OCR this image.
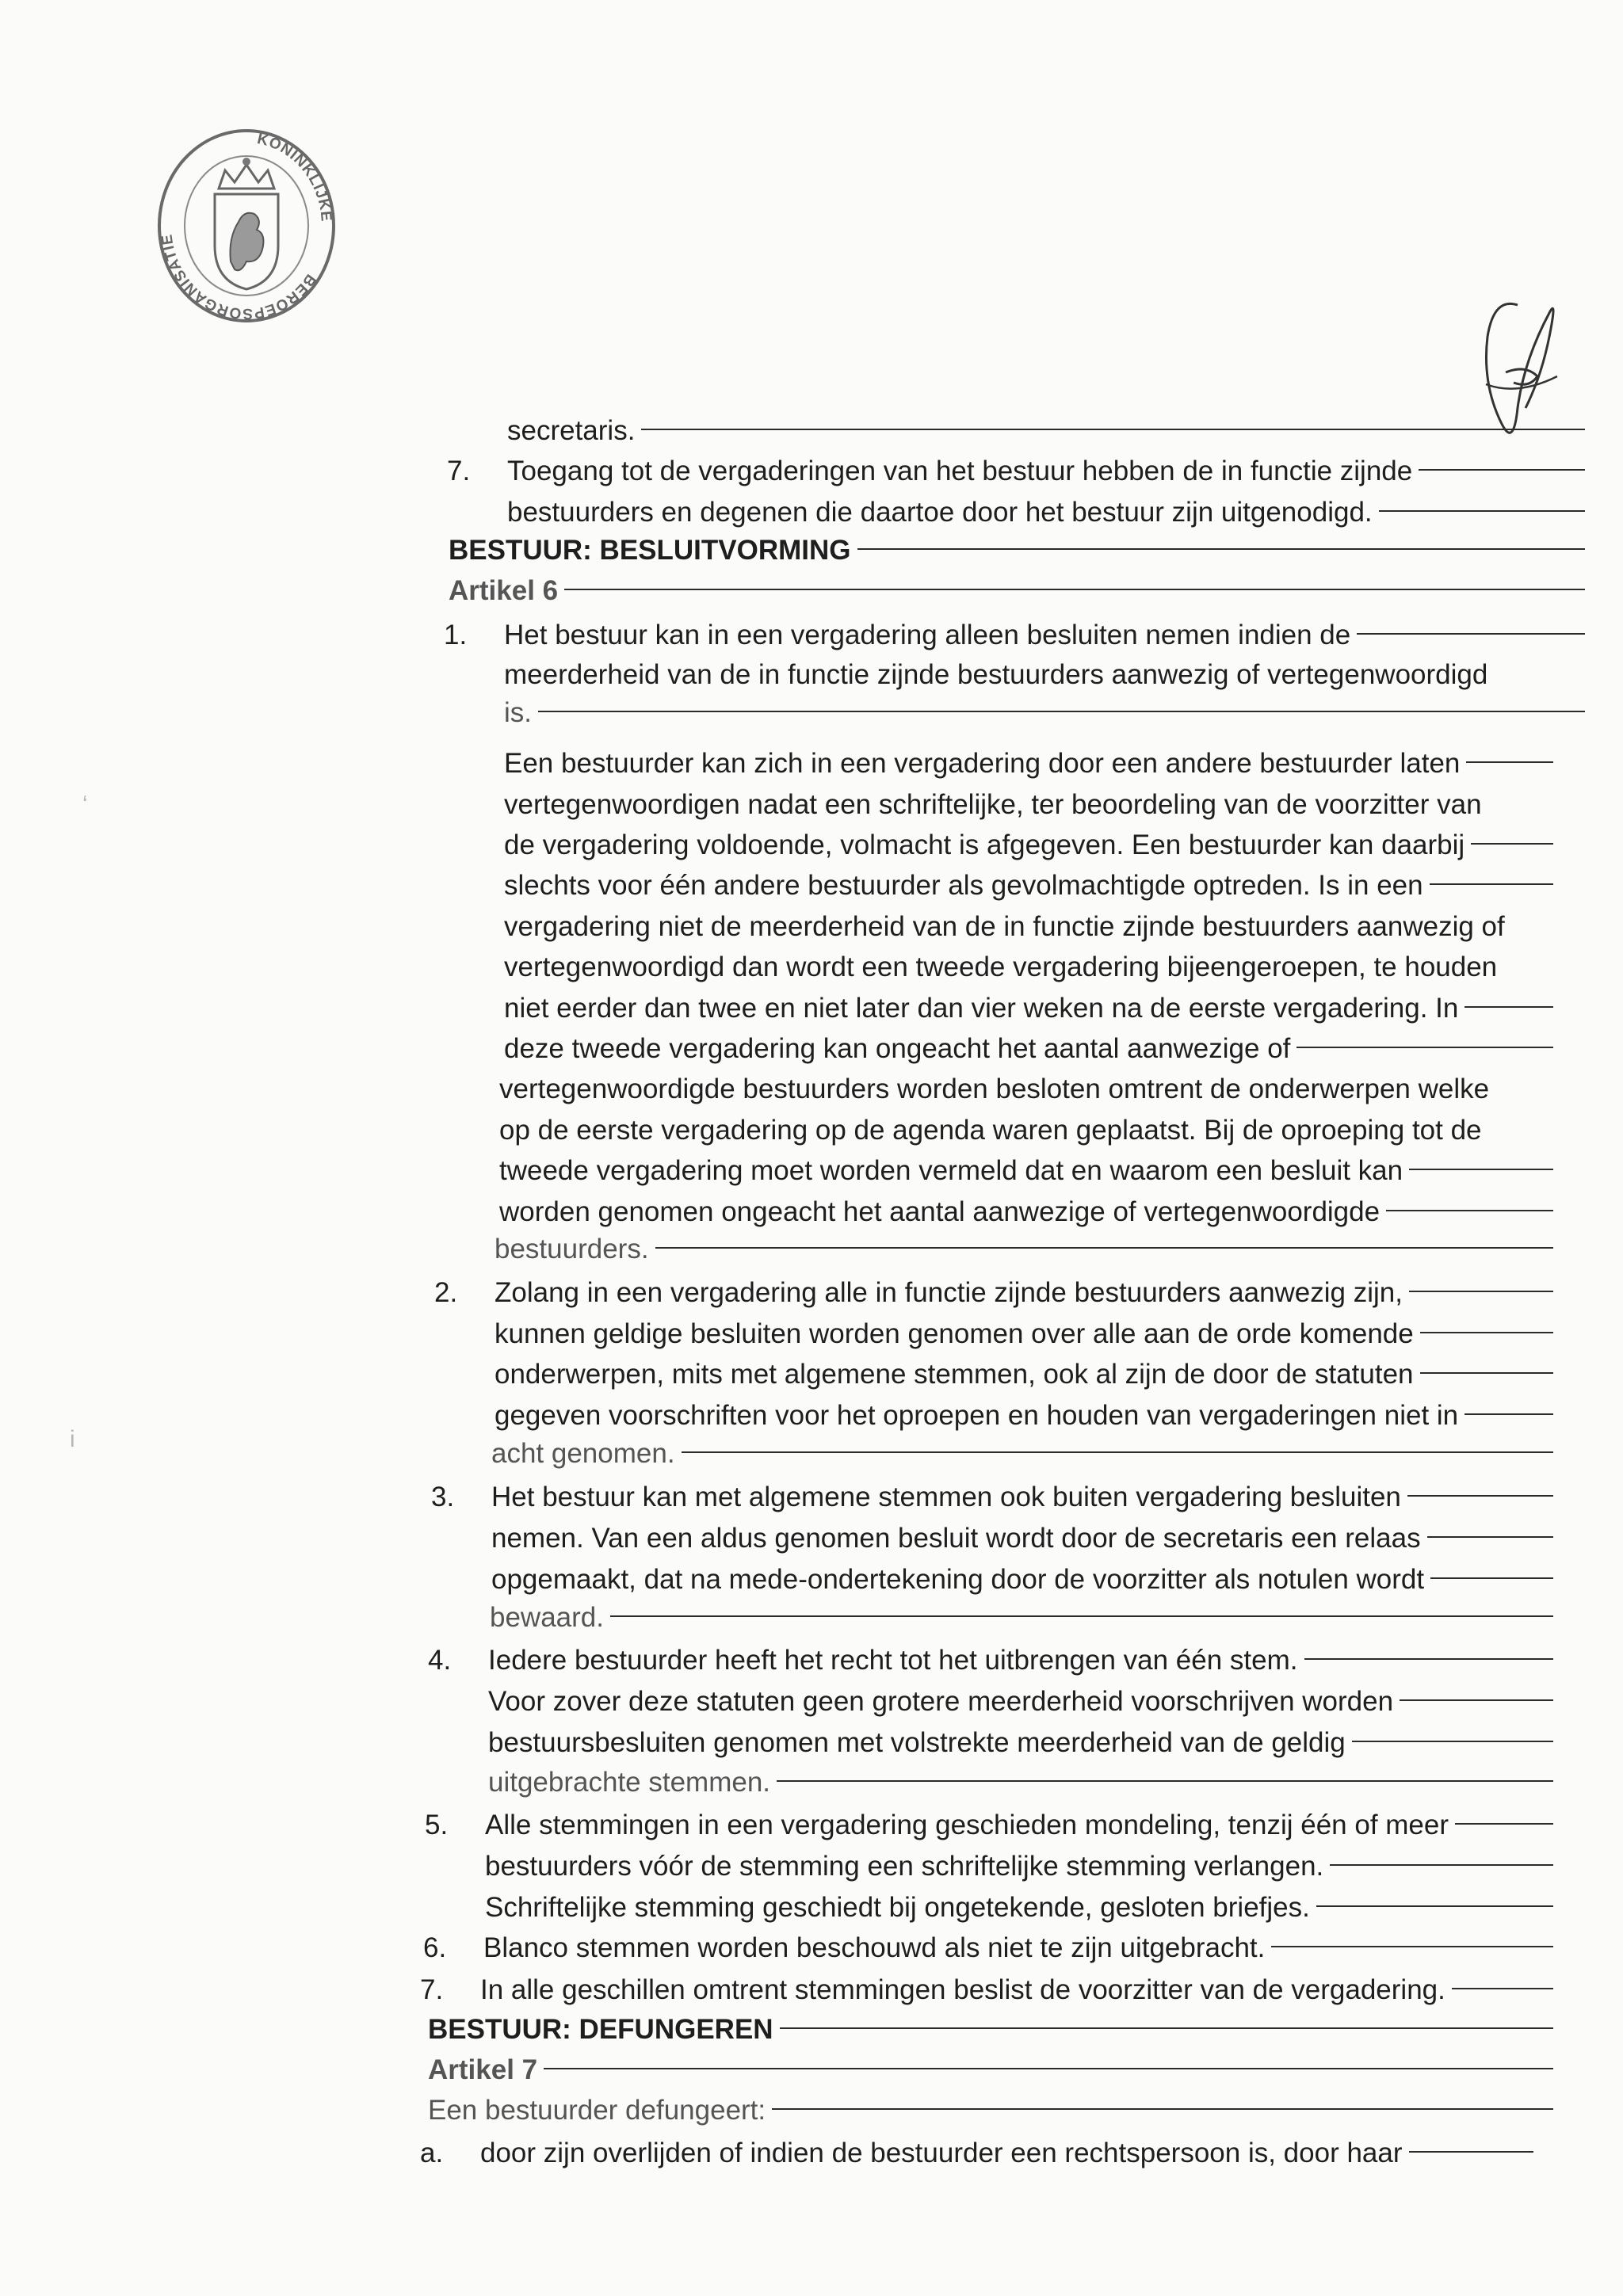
KONINKLIJKE
BEROEPSORGANISATIE
ʻ
i
secretaris.
7. Toegang tot de vergaderingen van het bestuur hebben de in functie zijnde
bestuurders en degenen die daartoe door het bestuur zijn uitgenodigd.
BESTUUR: BESLUITVORMING
Artikel 6
1. Het bestuur kan in een vergadering alleen besluiten nemen indien de
meerderheid van de in functie zijnde bestuurders aanwezig of vertegenwoordigd
is.
Een bestuurder kan zich in een vergadering door een andere bestuurder laten
vertegenwoordigen nadat een schriftelijke, ter beoordeling van de voorzitter van
de vergadering voldoende, volmacht is afgegeven. Een bestuurder kan daarbij
slechts voor één andere bestuurder als gevolmachtigde optreden. Is in een
vergadering niet de meerderheid van de in functie zijnde bestuurders aanwezig of
vertegenwoordigd dan wordt een tweede vergadering bijeengeroepen, te houden
niet eerder dan twee en niet later dan vier weken na de eerste vergadering. In
deze tweede vergadering kan ongeacht het aantal aanwezige of
vertegenwoordigde bestuurders worden besloten omtrent de onderwerpen welke
op de eerste vergadering op de agenda waren geplaatst. Bij de oproeping tot de
tweede vergadering moet worden vermeld dat en waarom een besluit kan
worden genomen ongeacht het aantal aanwezige of vertegenwoordigde
bestuurders.
2. Zolang in een vergadering alle in functie zijnde bestuurders aanwezig zijn,
kunnen geldige besluiten worden genomen over alle aan de orde komende
onderwerpen, mits met algemene stemmen, ook al zijn de door de statuten
gegeven voorschriften voor het oproepen en houden van vergaderingen niet in
acht genomen.
3. Het bestuur kan met algemene stemmen ook buiten vergadering besluiten
nemen. Van een aldus genomen besluit wordt door de secretaris een relaas
opgemaakt, dat na mede-ondertekening door de voorzitter als notulen wordt
bewaard.
4. Iedere bestuurder heeft het recht tot het uitbrengen van één stem.
Voor zover deze statuten geen grotere meerderheid voorschrijven worden
bestuursbesluiten genomen met volstrekte meerderheid van de geldig
uitgebrachte stemmen.
5. Alle stemmingen in een vergadering geschieden mondeling, tenzij één of meer
bestuurders vóór de stemming een schriftelijke stemming verlangen.
Schriftelijke stemming geschiedt bij ongetekende, gesloten briefjes.
6. Blanco stemmen worden beschouwd als niet te zijn uitgebracht.
7. In alle geschillen omtrent stemmingen beslist de voorzitter van de vergadering.
BESTUUR: DEFUNGEREN
Artikel 7
Een bestuurder defungeert:
a. door zijn overlijden of indien de bestuurder een rechtspersoon is, door haar
